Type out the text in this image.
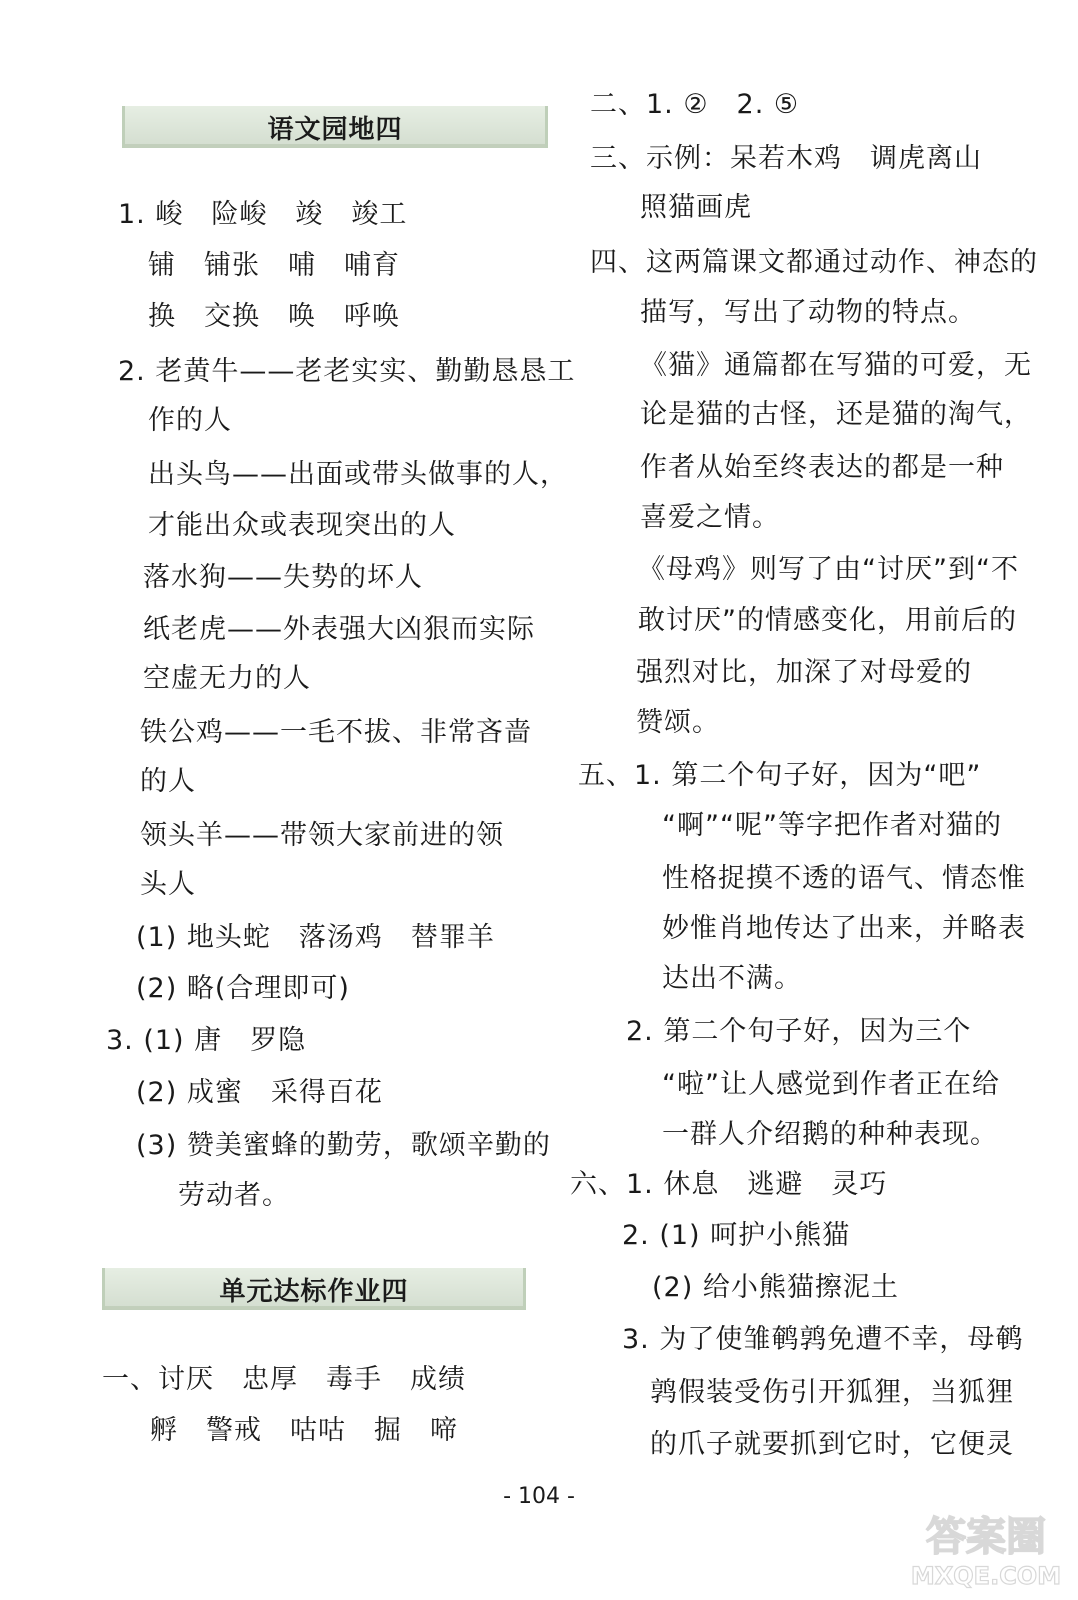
语文园地四
1. 峻　险峻　竣　竣工
铺　铺张　哺　哺育
换　交换　唤　呼唤
2. 老黄牛——老老实实、勤勤恳恳工
作的人
出头鸟——出面或带头做事的人，
才能出众或表现突出的人
落水狗——失势的坏人
纸老虎——外表强大凶狠而实际
空虚无力的人
铁公鸡——一毛不拔、非常吝啬
的人
领头羊——带领大家前进的领
头人
(1) 地头蛇　落汤鸡　替罪羊
(2) 略(合理即可)
3. (1) 唐　罗隐
(2) 成蜜　采得百花
(3) 赞美蜜蜂的勤劳，歌颂辛勤的
劳动者。
单元达标作业四
一、讨厌　忠厚　毒手　成绩
孵　警戒　咕咕　掘　啼
二、1. ②　2. ⑤
三、示例：呆若木鸡　调虎离山
照猫画虎
四、这两篇课文都通过动作、神态的
描写，写出了动物的特点。
《猫》通篇都在写猫的可爱，无
论是猫的古怪，还是猫的淘气，
作者从始至终表达的都是一种
喜爱之情。
《母鸡》则写了由“讨厌”到“不
敢讨厌”的情感变化，用前后的
强烈对比，加深了对母爱的
赞颂。
五、1. 第二个句子好，因为“吧”
“啊”“呢”等字把作者对猫的
性格捉摸不透的语气、情态惟
妙惟肖地传达了出来，并略表
达出不满。
2. 第二个句子好，因为三个
“啦”让人感觉到作者正在给
一群人介绍鹅的种种表现。
六、1. 休息　逃避　灵巧
2. (1) 呵护小熊猫
(2) 给小熊猫擦泥土
3. 为了使雏鹌鹑免遭不幸，母鹌
鹑假装受伤引开狐狸，当狐狸
的爪子就要抓到它时，它便灵
- 104 -
答案圈
MXQE.COM
